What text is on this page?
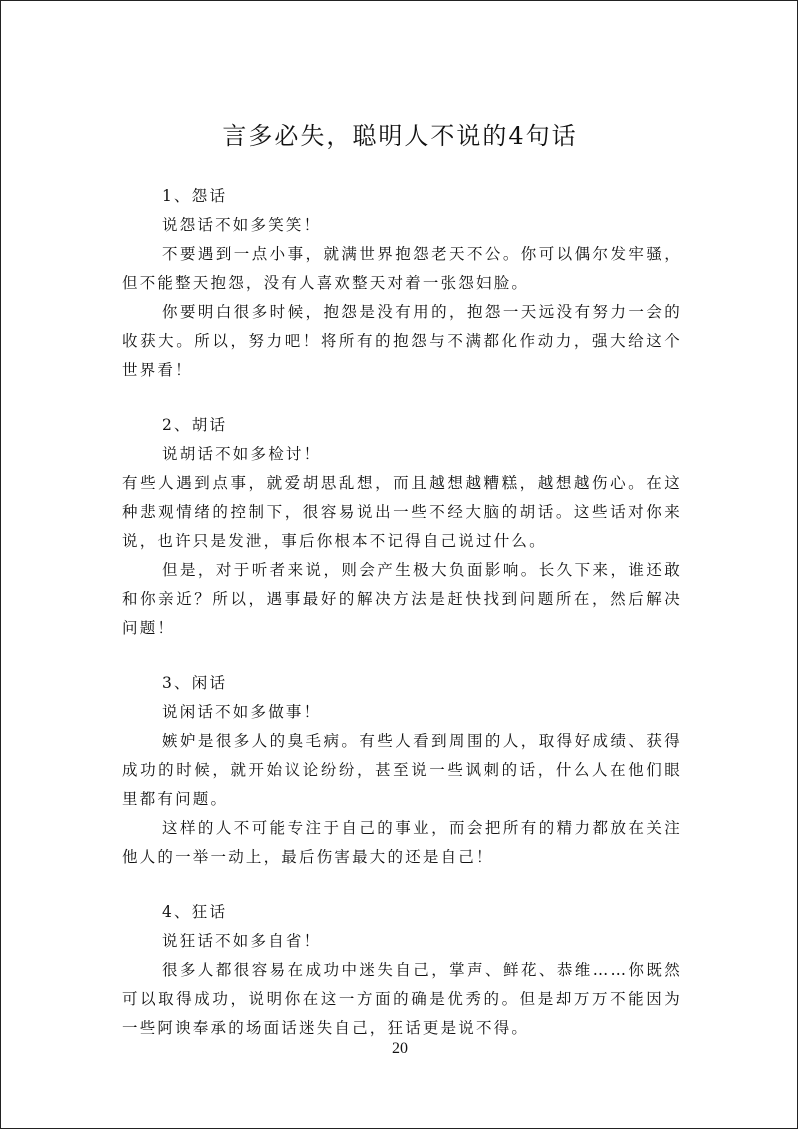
言多必失，聪明人不说的4句话
1、怨话
说怨话不如多笑笑！
不要遇到一点小事，就满世界抱怨老天不公。你可以偶尔发牢骚，但不能整天抱怨，没有人喜欢整天对着一张怨妇脸。
你要明白很多时候，抱怨是没有用的，抱怨一天远没有努力一会的收获大。所以，努力吧！将所有的抱怨与不满都化作动力，强大给这个世界看！
2、胡话
说胡话不如多检讨！
有些人遇到点事，就爱胡思乱想，而且越想越糟糕，越想越伤心。在这种悲观情绪的控制下，很容易说出一些不经大脑的胡话。这些话对你来说，也许只是发泄，事后你根本不记得自己说过什么。
但是，对于听者来说，则会产生极大负面影响。长久下来，谁还敢和你亲近？所以，遇事最好的解决方法是赶快找到问题所在，然后解决问题！
3、闲话
说闲话不如多做事！
嫉妒是很多人的臭毛病。有些人看到周围的人，取得好成绩、获得成功的时候，就开始议论纷纷，甚至说一些讽刺的话，什么人在他们眼里都有问题。
这样的人不可能专注于自己的事业，而会把所有的精力都放在关注他人的一举一动上，最后伤害最大的还是自己！
4、狂话
说狂话不如多自省！
很多人都很容易在成功中迷失自己，掌声、鲜花、恭维……你既然可以取得成功，说明你在这一方面的确是优秀的。但是却万万不能因为一些阿谀奉承的场面话迷失自己，狂话更是说不得。
20
